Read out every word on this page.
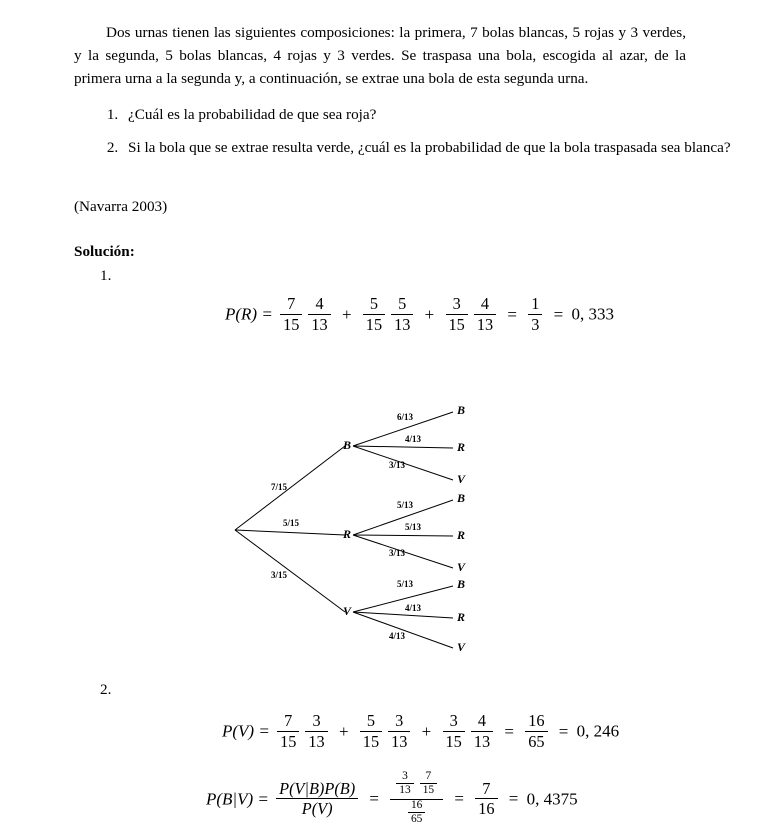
Dos urnas tienen las siguientes composiciones: la primera, 7 bolas blancas, 5 rojas y 3 verdes, y la segunda, 5 bolas blancas, 4 rojas y 3 verdes. Se traspasa una bola, escogida al azar, de la primera urna a la segunda y, a continuación, se extrae una bola de esta segunda urna.

1. ¿Cuál es la probabilidad de que sea roja?
2. Si la bola que se extrae resulta verde, ¿cuál es la probabilidad de que la bola traspasada sea blanca?
(Navarra 2003)
Solución:
1.
$P(R) = \frac{7}{15} \frac{4}{13} + \frac{5}{15} \frac{5}{13} + \frac{3}{15} \frac{4}{13} = \frac{1}{3} = 0$, 333
B
R
V
B
R
V
B
R
V
B
R
V
7/15
5/15
3/15
6/13
4/13
3/13
5/13
5/13
3/13
5/13
4/13
4/13
2.
$P(V) = \frac{7}{15} \frac{3}{13} + \frac{5}{15} \frac{3}{13} + \frac{3}{15} \frac{4}{13} = \frac{16}{65} = 0$, 246
$P(B|V) = \frac{P(V|B)P(B)}{P(V)} = \frac{\frac{3}{13} \frac{7}{15}}{\frac{16}{65}} = \frac{7}{16} = 0$, 4375
